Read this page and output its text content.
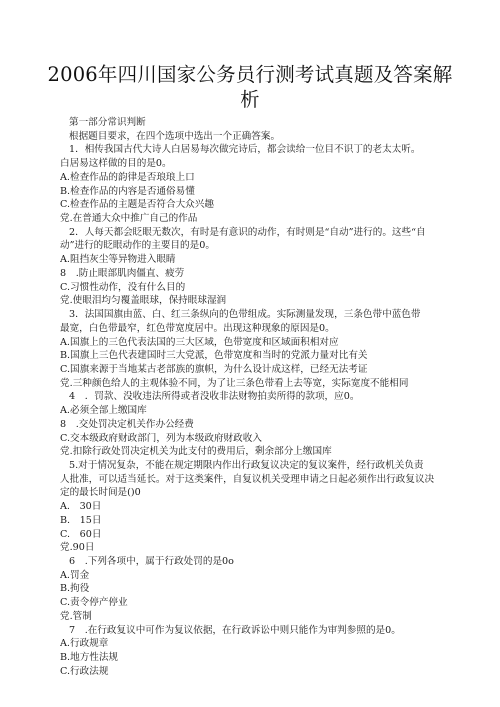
2006年四川国家公务员行测考试真题及答案解
析
第一部分常识判断
根据题目要求，在四个选项中选出一个正确答案。
1．相传我国古代大诗人白居易每次做完诗后，都会读给一位目不识丁的老太太听。
白居易这样做的目的是0。
A.检查作品的韵律是否琅琅上口
B.检查作品的内容是否通俗易懂
C.检查作品的主题是否符合大众兴趣
党.在普通大众中推广自己的作品
2．人每天都会眨眼无数次，有时是有意识的动作，有时则是“自动”进行的。这些“自
动”进行的眨眼动作的主要目的是0。
A.阻挡灰尘等异物进入眼睛
8　.防止眼部肌肉僵直、疲劳
C.习惯性动作，没有什么目的
党.使眼泪均匀覆盖眼球，保持眼球湿润
3．法国国旗由蓝、白、红三条纵向的色带组成。实际测量发现，三条色带中蓝色带
最宽，白色带最窄，红色带宽度居中。出现这种现象的原因是0。
A.国旗上的三色代表法国的三大区域，色带宽度和区域面积相对应
B.国旗上三色代表建国时三大党派，色带宽度和当时的党派力量对比有关
C.国旗来源于当地某古老部族的旗帜，为什么设计成这样，已经无法考证
党.三种颜色给人的主观体验不同，为了让三条色带看上去等宽，实际宽度不能相同
4　．罚款、没收违法所得或者没收非法财物拍卖所得的款项，应0。
A.必须全部上缴国库
8　.交处罚决定机关作办公经费
C.交本级政府财政部门，列为本级政府财政收入
党.扣除行政处罚决定机关为此支付的费用后，剩余部分上缴国库
5.对于情况复杂，不能在规定期限内作出行政复议决定的复议案件，经行政机关负责
人批准，可以适当延长。对于这类案件，自复议机关受理申请之日起必须作出行政复议决
定的最长时间是()0
A.　30日
B.　15日
C.　60日
党.90日
6　.下列各项中，属于行政处罚的是0o
A.罚金
B.拘役
C.责令停产停业
党.管制
7　.在行政复议中可作为复议依据，在行政诉讼中则只能作为审判参照的是0。
A.行政规章
B.地方性法规
C.行政法规
